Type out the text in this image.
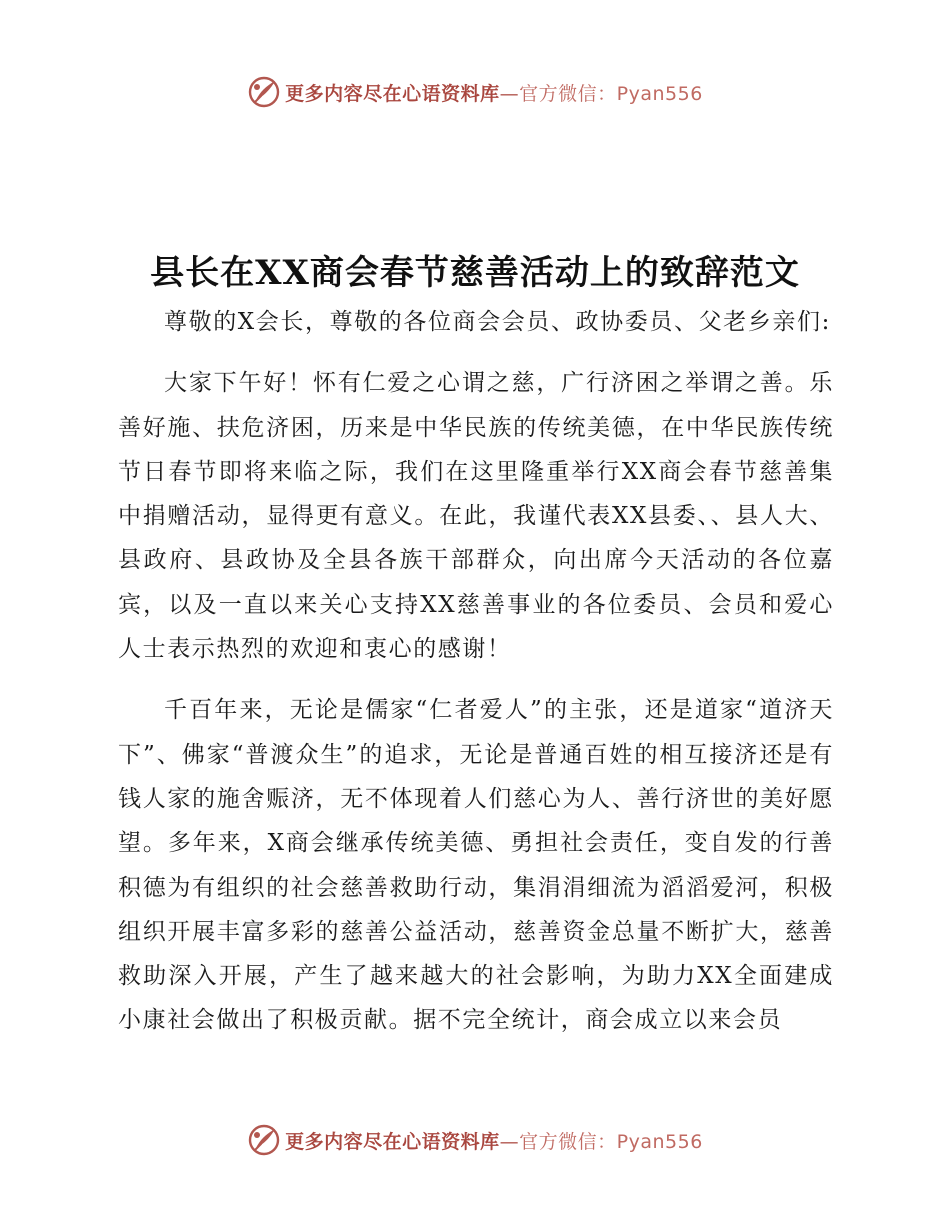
更多内容尽在心语资料库—官方微信：Pyan556
县长在XX商会春节慈善活动上的致辞范文

尊敬的X会长，尊敬的各位商会会员、政协委员、父老乡亲们:

大家下午好！怀有仁爱之心谓之慈，广行济困之举谓之善。乐善好施、扶危济困，历来是中华民族的传统美德，在中华民族传统节日春节即将来临之际，我们在这里隆重举行XX商会春节慈善集中捐赠活动，显得更有意义。在此，我谨代表XX县委、、县人大、县政府、县政协及全县各族干部群众，向出席今天活动的各位嘉宾，以及一直以来关心支持XX慈善事业的各位委员、会员和爱心人士表示热烈的欢迎和衷心的感谢！

千百年来，无论是儒家“仁者爱人”的主张，还是道家“道济天下”、佛家“普渡众生”的追求，无论是普通百姓的相互接济还是有钱人家的施舍赈济，无不体现着人们慈心为人、善行济世的美好愿望。多年来，X商会继承传统美德、勇担社会责任，变自发的行善积德为有组织的社会慈善救助行动，集涓涓细流为滔滔爱河，积极组织开展丰富多彩的慈善公益活动，慈善资金总量不断扩大，慈善救助深入开展，产生了越来越大的社会影响，为助力XX全面建成小康社会做出了积极贡献。据不完全统计，商会成立以来会员

更多内容尽在心语资料库—官方微信：Pyan556
